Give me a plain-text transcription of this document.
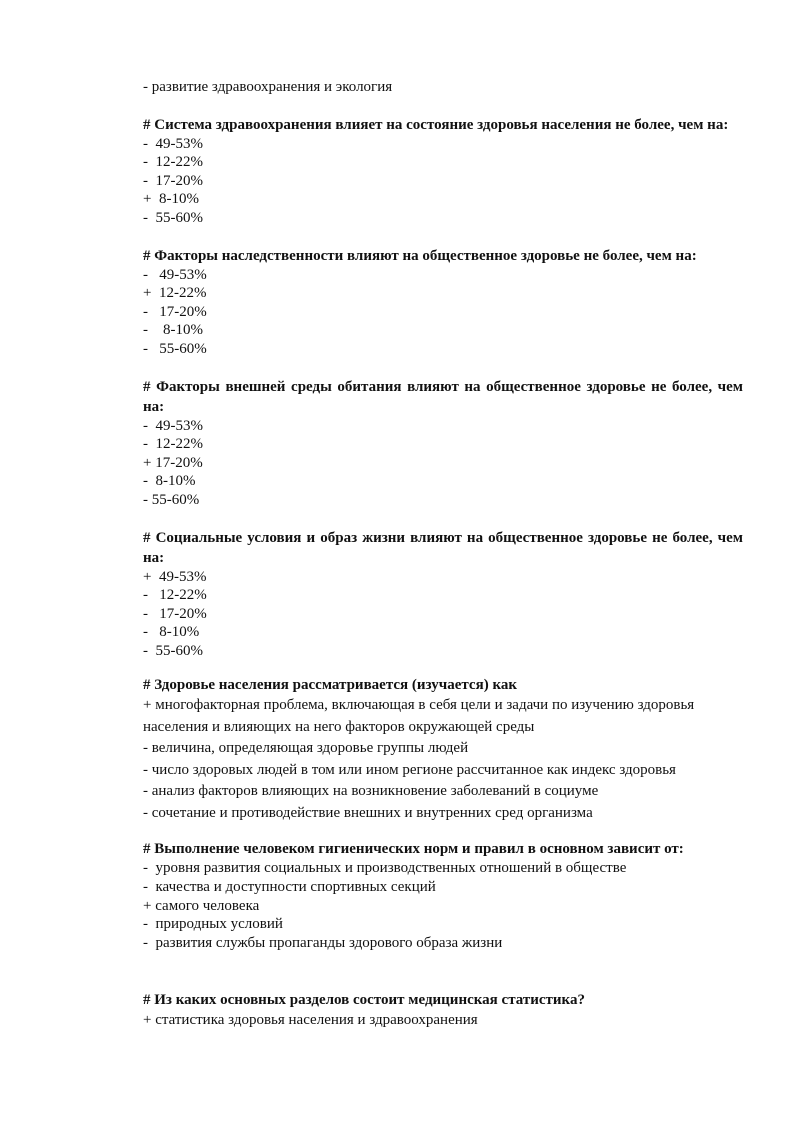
- развитие здравоохранения и экология
# Система здравоохранения влияет на состояние здоровья населения не более, чем на:
-  49-53%
-  12-22%
-  17-20%
+  8-10%
-  55-60%
# Факторы наследственности влияют на общественное здоровье не более, чем на:
-   49-53%
+  12-22%
-   17-20%
-    8-10%
-   55-60%
# Факторы внешней среды обитания влияют на общественное здоровье не более, чем на:
-  49-53%
-  12-22%
+ 17-20%
-  8-10%
- 55-60%
# Социальные условия и образ жизни влияют на общественное здоровье не более, чем на:
+  49-53%
-   12-22%
-   17-20%
-   8-10%
-  55-60%
# Здоровье населения рассматривается (изучается) как
+ многофакторная проблема, включающая в себя цели и задачи по изучению здоровья населения и влияющих на него факторов окружающей среды
- величина, определяющая здоровье группы людей
- число здоровых людей в том или ином регионе рассчитанное как индекс здоровья
- анализ факторов влияющих на возникновение заболеваний в социуме
- сочетание и противодействие внешних и внутренних сред организма
# Выполнение человеком гигиенических норм и правил в основном зависит от:
-  уровня развития социальных и производственных отношений в обществе
-  качества и доступности спортивных секций
+ самого человека
-  природных условий
-  развития службы пропаганды здорового образа жизни
# Из каких основных разделов состоит медицинская статистика?
+ статистика здоровья населения и здравоохранения
